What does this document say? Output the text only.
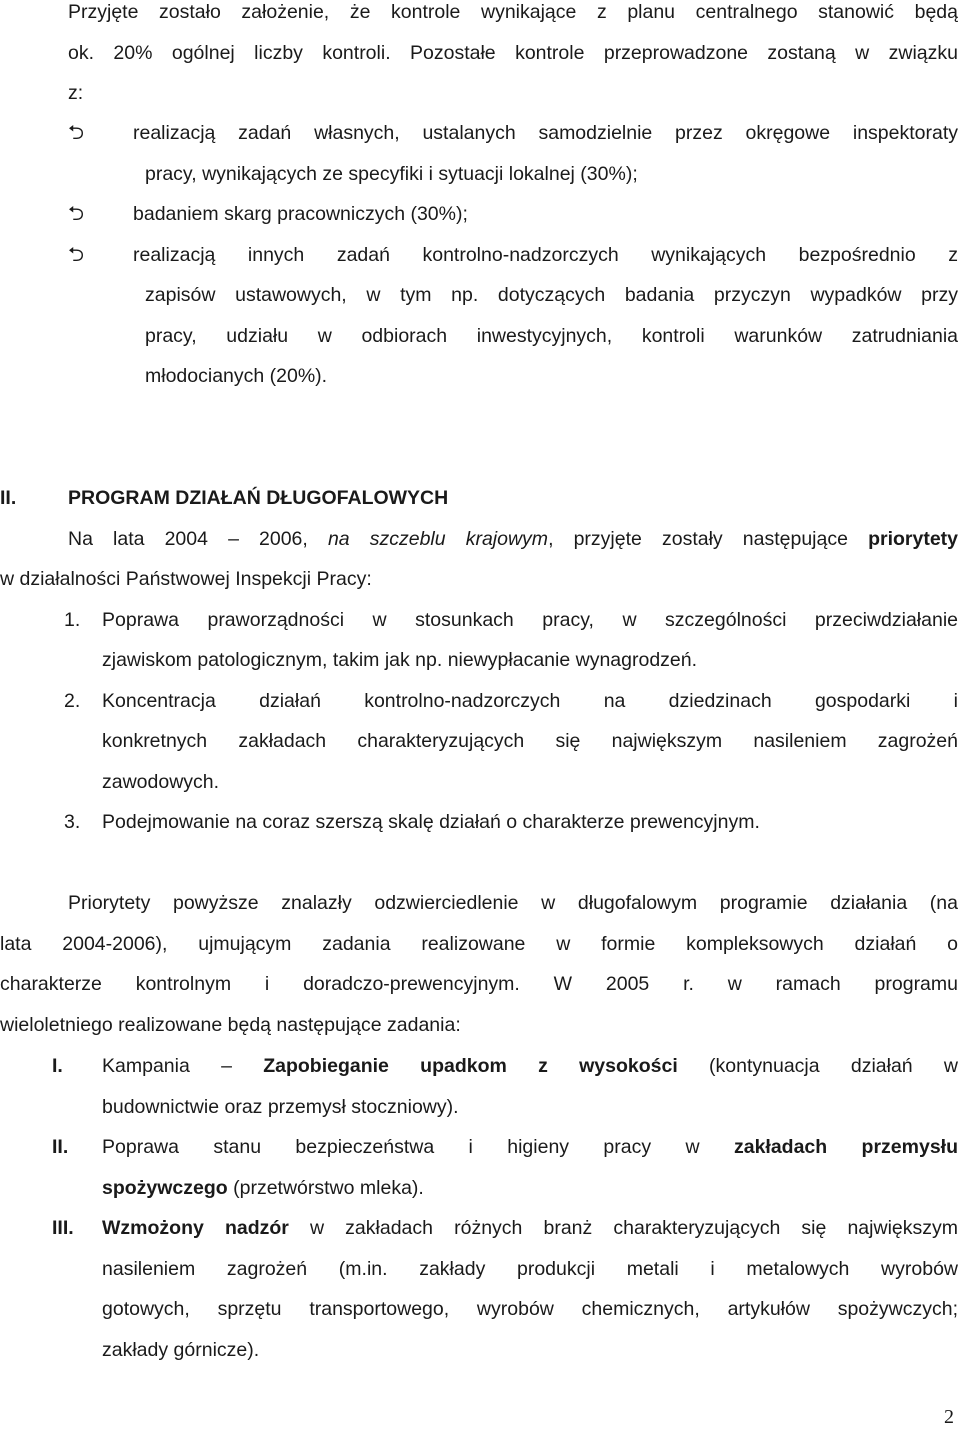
Przyjęte zostało założenie, że kontrole wynikające z planu centralnego stanowić będą
ok. 20% ogólnej liczby kontroli. Pozostałe kontrole przeprowadzone zostaną w związku
z:
⮌	realizacją zadań własnych, ustalanych samodzielnie przez okręgowe inspektoraty
pracy, wynikających ze specyfiki i sytuacji lokalnej (30%);
⮌	badaniem skarg pracowniczych (30%);
⮌	realizacją innych zadań kontrolno-nadzorczych wynikających bezpośrednio z
zapisów ustawowych, w tym np. dotyczących badania przyczyn wypadków przy
pracy, udziału w odbiorach inwestycyjnych, kontroli warunków zatrudniania
młodocianych (20%).
II.	PROGRAM DZIAŁAŃ DŁUGOFALOWYCH
Na lata 2004 – 2006, na szczeblu krajowym, przyjęte zostały następujące priorytety
w działalności Państwowej Inspekcji Pracy:
1. Poprawa praworządności w stosunkach pracy, w szczególności przeciwdziałanie
zjawiskom patologicznym, takim jak np. niewypłacanie wynagrodzeń.
2. Koncentracja działań kontrolno-nadzorczych na dziedzinach gospodarki i
konkretnych zakładach charakteryzujących się największym nasileniem zagrożeń
zawodowych.
3. Podejmowanie na coraz szerszą skalę działań o charakterze prewencyjnym.
Priorytety powyższe znalazły odzwierciedlenie w długofalowym programie działania (na
lata 2004-2006), ujmującym zadania realizowane w formie kompleksowych działań o
charakterze kontrolnym i doradczo-prewencyjnym. W 2005 r. w ramach programu
wieloletniego realizowane będą następujące zadania:
I. Kampania – Zapobieganie upadkom z wysokości (kontynuacja działań w
budownictwie oraz przemysł stoczniowy).
II. Poprawa stanu bezpieczeństwa i higieny pracy w zakładach przemysłu
spożywczego (przetwórstwo mleka).
III. Wzmożony nadzór w zakładach różnych branż charakteryzujących się największym
nasileniem zagrożeń (m.in. zakłady produkcji metali i metalowych wyrobów
gotowych, sprzętu transportowego, wyrobów chemicznych, artykułów spożywczych;
zakłady górnicze).
2
